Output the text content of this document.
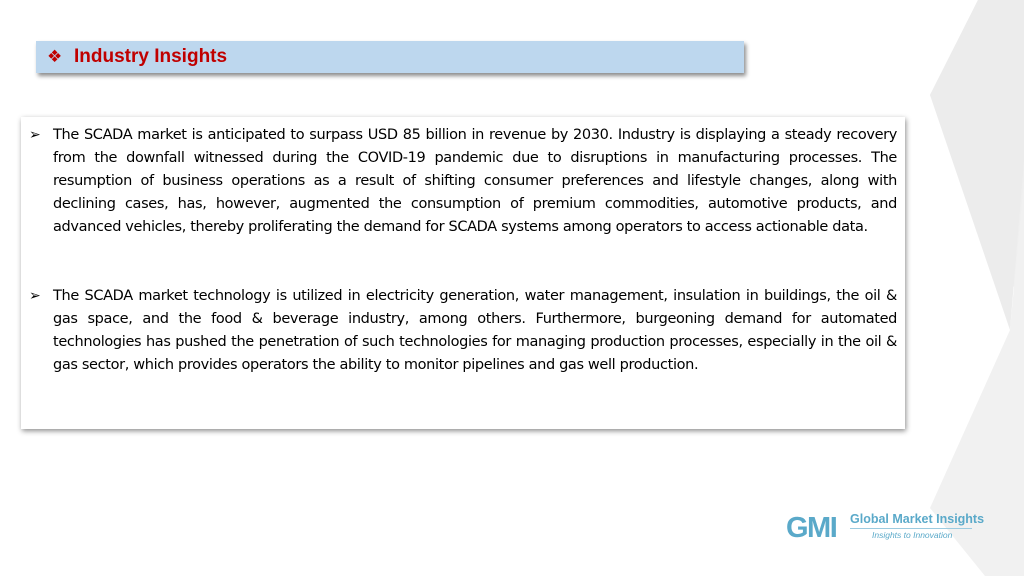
❖ Industry Insights
➢ The SCADA market is anticipated to surpass USD 85 billion in revenue by 2030. Industry is displaying a steady recovery from the downfall witnessed during the COVID-19 pandemic due to disruptions in manufacturing processes. The resumption of business operations as a result of shifting consumer preferences and lifestyle changes, along with declining cases, has, however, augmented the consumption of premium commodities, automotive products, and advanced vehicles, thereby proliferating the demand for SCADA systems among operators to access actionable data.
➢ The SCADA market technology is utilized in electricity generation, water management, insulation in buildings, the oil & gas space, and the food & beverage industry, among others. Furthermore, burgeoning demand for automated technologies has pushed the penetration of such technologies for managing production processes, especially in the oil & gas sector, which provides operators the ability to monitor pipelines and gas well production.
GMI Global Market Insights
Insights to Innovation
